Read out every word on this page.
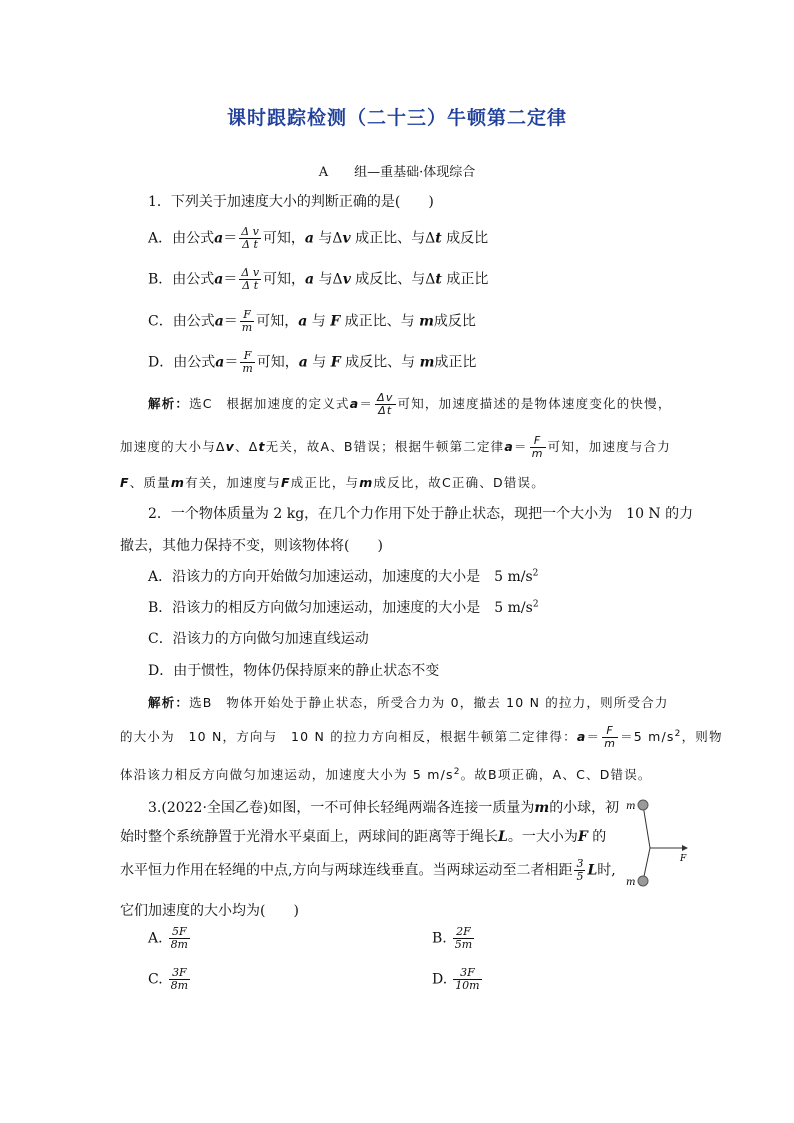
课时跟踪检测（二十三）牛顿第二定律
A　　组—重基础·体现综合
1．下列关于加速度大小的判断正确的是(　　)
A．由公式$a= \frac{\text{Δ v}}{\text{Δ t}}$ 可知，a 与Δv 成正比、与Δt 成反比
B．由公式$a= \frac{\text{Δ v}}{\text{Δ t}}$ 可知，a 与Δv 成反比、与Δt 成正比
C．由公式$a= \frac{F}{m}$ 可知，a 与 F 成正比、与 m成反比
D．由公式$a= \frac{F}{m}$ 可知，a 与 F 成反比、与 m成正比
解析：选C　根据加速度的定义式$a= \frac{\Delta v}{\Delta t}$ 可知，加速度描述的是物体速度变化的快慢，
加速度的大小与Δv、Δt无关，故A、B错误；根据牛顿第二定律$a= \frac{F}{m}$ 可知，加速度与合力
F、质量m有关，加速度与F成正比，与m成反比，故C正确、D错误。
2．一个物体质量为 2 kg，在几个力作用下处于静止状态，现把一个大小为　10 N 的力
撤去，其他力保持不变，则该物体将(　　)
A．沿该力的方向开始做匀加速运动，加速度的大小是　5 $m/s^2$
B．沿该力的相反方向做匀加速运动，加速度的大小是　5 $m/s^2$
C．沿该力的方向做匀加速直线运动
D．由于惯性，物体仍保持原来的静止状态不变
解析：选B　物体开始处于静止状态，所受合力为 0，撤去 10 N 的拉力，则所受合力
的大小为　10 N，方向与　10 N 的拉力方向相反，根据牛顿第二定律得：$a= \frac{F}{m} =5$ $m/s^2$，则物
体沿该力相反方向做匀加速运动，加速度大小为 5 $m/s^2$。故B项正确，A、C、D错误。
3.(2022·全国乙卷)如图，一不可伸长轻绳两端各连接一质量为m的小球，初
始时整个系统静置于光滑水平桌面上，两球间的距离等于绳长L。一大小为F 的
水平恒力作用在轻绳的中点,方向与两球连线垂直。当两球运动至二者相距 $\frac{3}{5}$ L时,
它们加速度的大小均为(　　)
A. $\frac{5F}{8m}$	B. $\frac{2F}{5m}$
C. $\frac{3F}{8m}$	D. $\frac{3F}{10m}$
m
m
F
